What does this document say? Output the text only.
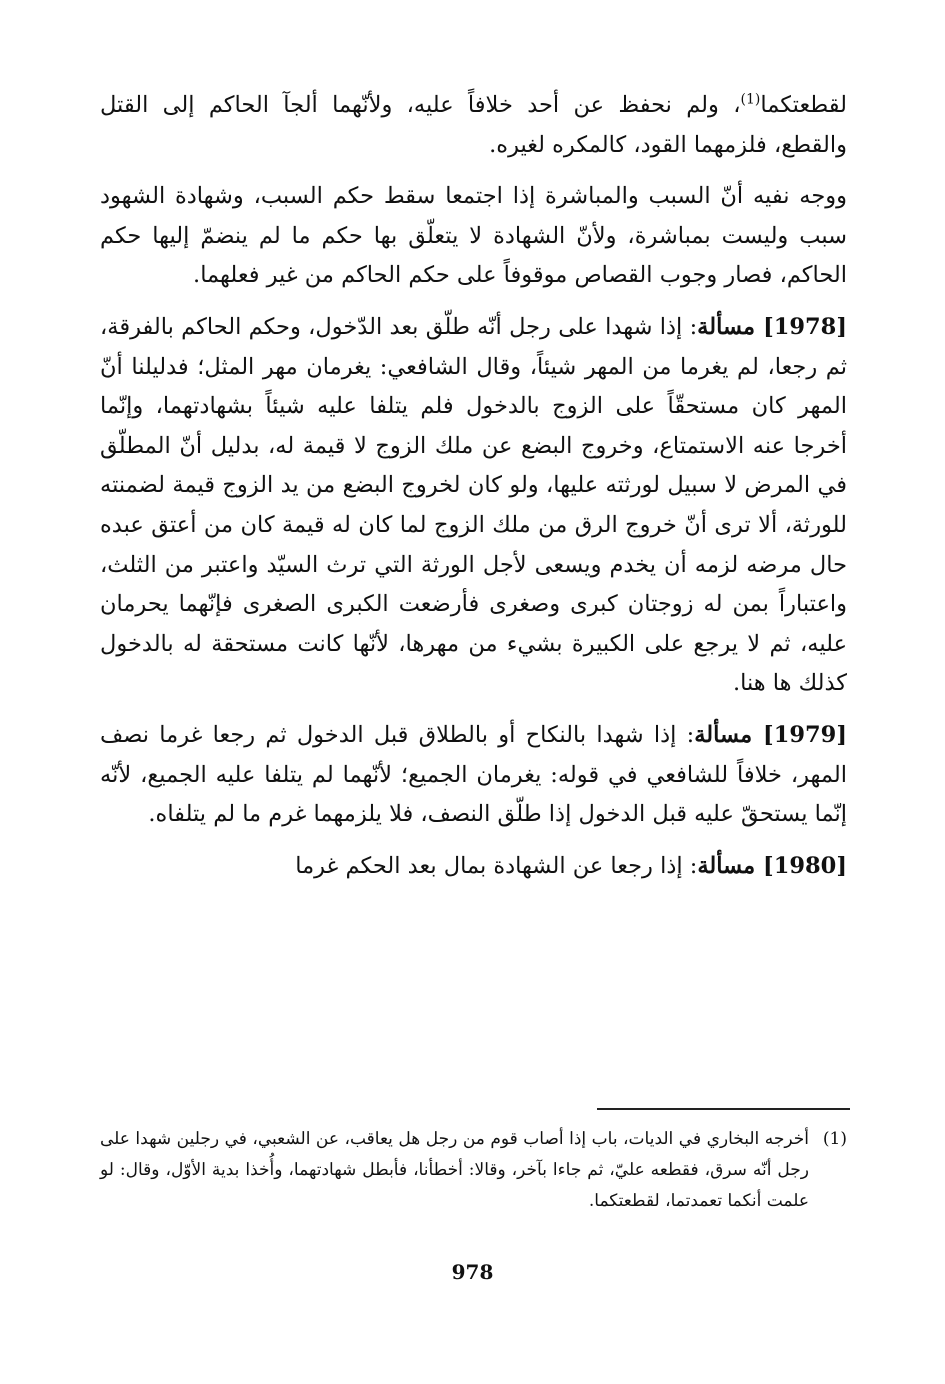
لقطعتكما$^{(1)}$، ولم نحفظ عن أحد خلافاً عليه، ولأنّهما ألجآ الحاكم إلى القتل والقطع، فلزمهما القود، كالمكره لغيره.

ووجه نفيه أنّ السبب والمباشرة إذا اجتمعا سقط حكم السبب، وشهادة الشهود سبب وليست بمباشرة، ولأنّ الشهادة لا يتعلّق بها حكم ما لم ينضمّ إليها حكم الحاكم، فصار وجوب القصاص موقوفاً على حكم الحاكم من غير فعلهما.

[1978] مسألة: إذا شهدا على رجل أنّه طلّق بعد الدّخول، وحكم الحاكم بالفرقة، ثم رجعا، لم يغرما من المهر شيئاً، وقال الشافعي: يغرمان مهر المثل؛ فدليلنا أنّ المهر كان مستحقّاً على الزوج بالدخول فلم يتلفا عليه شيئاً بشهادتهما، وإنّما أخرجا عنه الاستمتاع، وخروج البضع عن ملك الزوج لا قيمة له، بدليل أنّ المطلّق في المرض لا سبيل لورثته عليها، ولو كان لخروج البضع من يد الزوج قيمة لضمنته للورثة، ألا ترى أنّ خروج الرق من ملك الزوج لما كان له قيمة كان من أعتق عبده حال مرضه لزمه أن يخدم ويسعى لأجل الورثة التي ترث السيّد واعتبر من الثلث، واعتباراً بمن له زوجتان كبرى وصغرى فأرضعت الكبرى الصغرى فإنّهما يحرمان عليه، ثم لا يرجع على الكبيرة بشيء من مهرها، لأنّها كانت مستحقة له بالدخول كذلك ها هنا.

[1979] مسألة: إذا شهدا بالنكاح أو بالطلاق قبل الدخول ثم رجعا غرما نصف المهر، خلافاً للشافعي في قوله: يغرمان الجميع؛ لأنّهما لم يتلفا عليه الجميع، لأنّه إنّما يستحقّ عليه قبل الدخول إذا طلّق النصف، فلا يلزمهما غرم ما لم يتلفاه.

[1980] مسألة: إذا رجعا عن الشهادة بمال بعد الحكم غرما

(1)
أخرجه البخاري في الديات، باب إذا أصاب قوم من رجل هل يعاقب، عن الشعبي، في رجلين شهدا على رجل أنّه سرق، فقطعه عليّ، ثم جاءا بآخر، وقالا: أخطأنا، فأبطل شهادتهما، وأُخذا بدية الأوّل، وقال: لو علمت أنكما تعمدتما، لقطعتكما.
978
